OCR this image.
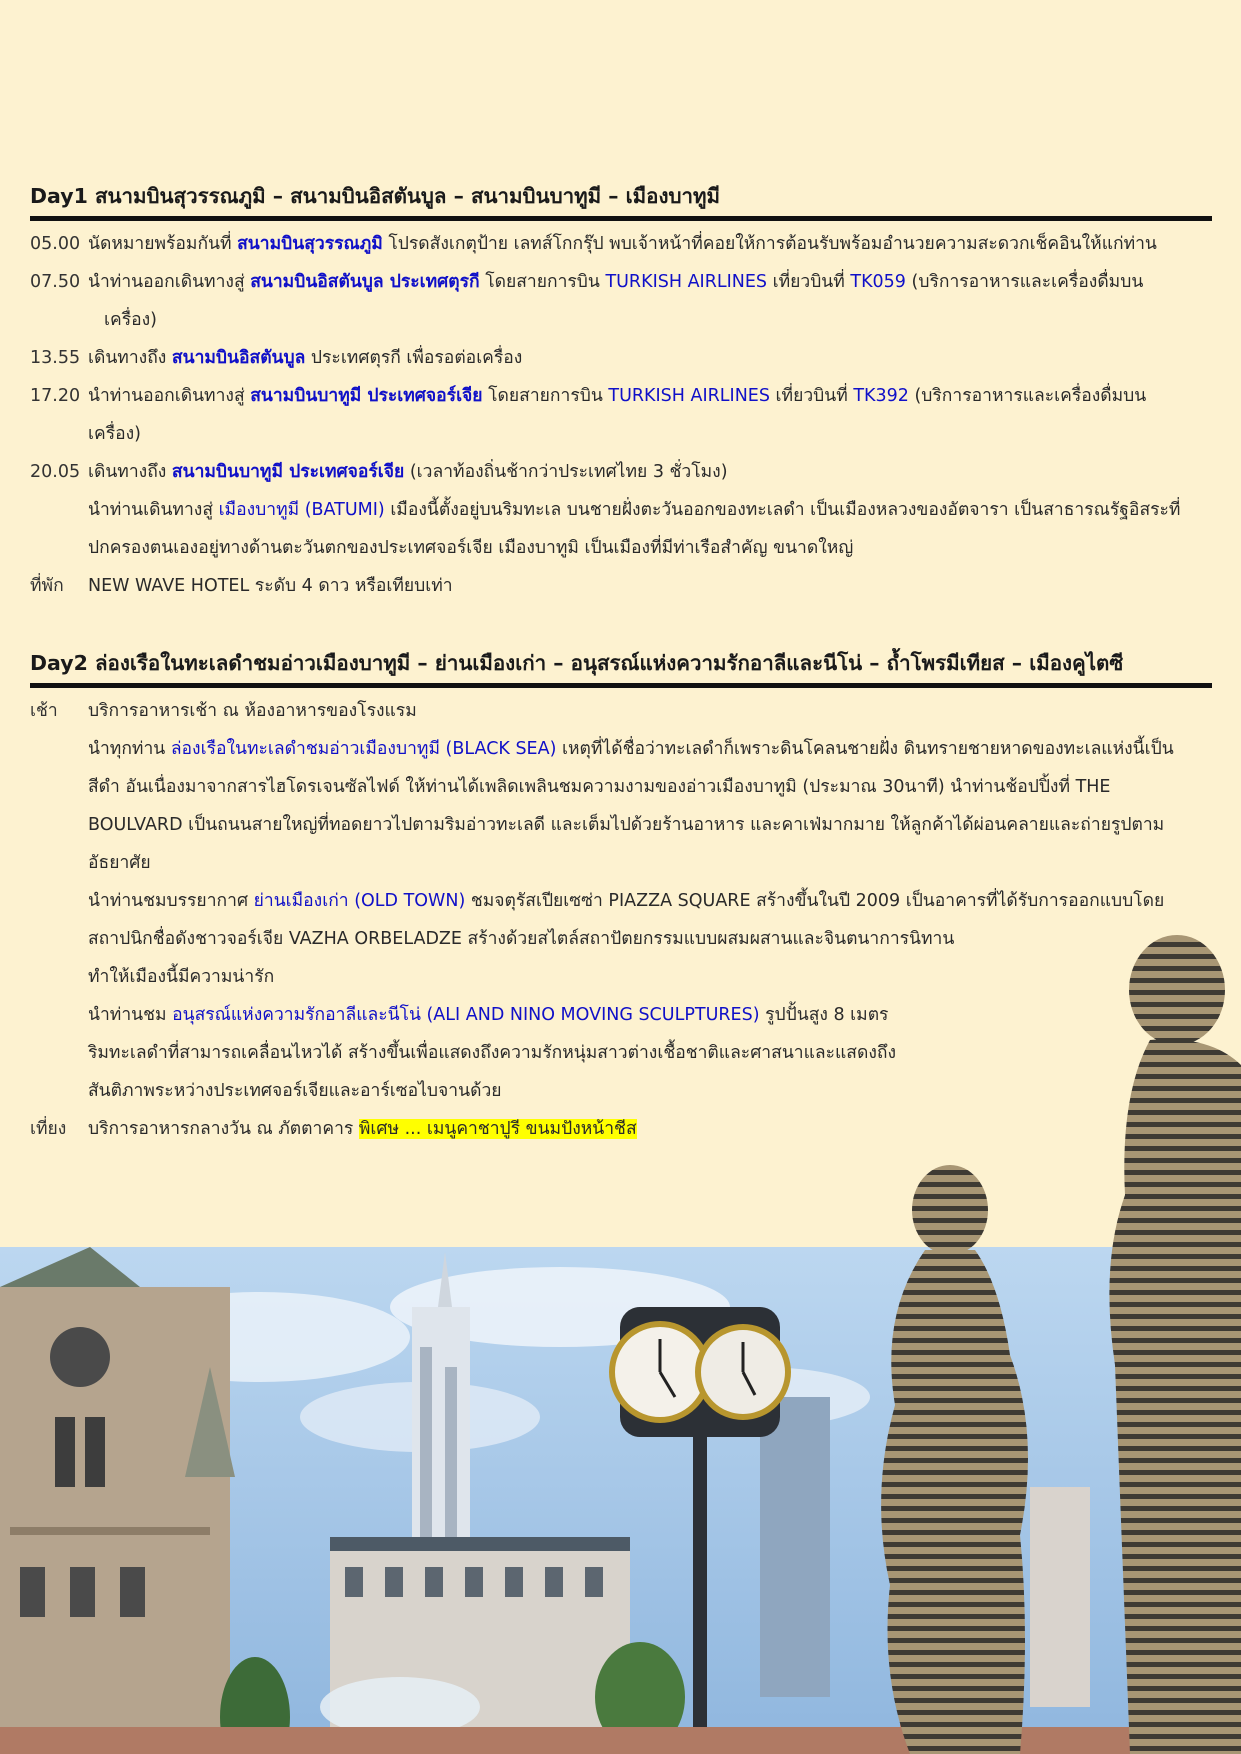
Day1 สนามบินสุวรรณภูมิ – สนามบินอิสตันบูล – สนามบินบาทูมี – เมืองบาทูมี
05.00 นัดหมายพร้อมกันที่ สนามบินสุวรรณภูมิ โปรดสังเกตุป้าย เลทส์โกกรุ๊ป พบเจ้าหน้าที่คอยให้การต้อนรับพร้อมอำนวยความสะดวกเช็คอินให้แก่ท่าน
07.50 นำท่านออกเดินทางสู่ สนามบินอิสตันบูล ประเทศตุรกี โดยสายการบิน TURKISH AIRLINES เที่ยวบินที่ TK059 (บริการอาหารและเครื่องดื่มบน
เครื่อง)
13.55 เดินทางถึง สนามบินอิสตันบูล ประเทศตุรกี เพื่อรอต่อเครื่อง
17.20 นำท่านออกเดินทางสู่ สนามบินบาทูมี ประเทศจอร์เจีย โดยสายการบิน TURKISH AIRLINES เที่ยวบินที่ TK392 (บริการอาหารและเครื่องดื่มบน
เครื่อง)
20.05 เดินทางถึง สนามบินบาทูมี ประเทศจอร์เจีย (เวลาท้องถิ่นช้ากว่าประเทศไทย 3 ชั่วโมง)
นำท่านเดินทางสู่ เมืองบาทูมี (BATUMI) เมืองนี้ตั้งอยู่บนริมทะเล บนชายฝั่งตะวันออกของทะเลดำ เป็นเมืองหลวงของอัตจารา เป็นสาธารณรัฐอิสระที่
ปกครองตนเองอยู่ทางด้านตะวันตกของประเทศจอร์เจีย เมืองบาทูมิ เป็นเมืองที่มีท่าเรือสำคัญ ขนาดใหญ่
ที่พัก	NEW WAVE HOTEL ระดับ 4 ดาว หรือเทียบเท่า
Day2 ล่องเรือในทะเลดำชมอ่าวเมืองบาทูมี – ย่านเมืองเก่า – อนุสรณ์แห่งความรักอาลีและนีโน่ – ถ้ำโพรมีเทียส – เมืองคูไตซี
เช้า	บริการอาหารเช้า ณ ห้องอาหารของโรงแรม
นำทุกท่าน ล่องเรือในทะเลดำชมอ่าวเมืองบาทูมี (BLACK SEA) เหตุที่ได้ชื่อว่าทะเลดำก็เพราะดินโคลนชายฝั่ง ดินทรายชายหาดของทะเลแห่งนี้เป็น
สีดำ อันเนื่องมาจากสารไฮโดรเจนซัลไฟด์ ให้ท่านได้เพลิดเพลินชมความงามของอ่าวเมืองบาทูมิ (ประมาณ 30นาที) นำท่านช้อปปิ้งที่ THE
BOULVARD เป็นถนนสายใหญ่ที่ทอดยาวไปตามริมอ่าวทะเลดี และเต็มไปด้วยร้านอาหาร และคาเฟ่มากมาย ให้ลูกค้าได้ผ่อนคลายและถ่ายรูปตาม
อัธยาศัย
นำท่านชมบรรยากาศ ย่านเมืองเก่า (OLD TOWN) ชมจตุรัสเปียเซซ่า PIAZZA SQUARE สร้างขึ้นในปี 2009 เป็นอาคารที่ได้รับการออกแบบโดย
สถาปนิกชื่อดังชาวจอร์เจีย VAZHA ORBELADZE สร้างด้วยสไตล์สถาปัตยกรรมแบบผสมผสานและจินตนาการนิทาน
ทำให้เมืองนี้มีความน่ารัก
นำท่านชม อนุสรณ์แห่งความรักอาลีและนีโน่ (ALI AND NINO MOVING SCULPTURES) รูปปั้นสูง 8 เมตร
ริมทะเลดำที่สามารถเคลื่อนไหวได้ สร้างขึ้นเพื่อแสดงถึงความรักหนุ่มสาวต่างเชื้อชาติและศาสนาและแสดงถึง
สันติภาพระหว่างประเทศจอร์เจียและอาร์เซอไบจานด้วย
เที่ยง	บริการอาหารกลางวัน ณ ภัตตาคาร พิเศษ ... เมนูคาชาปูรี ขนมปังหน้าชีส
